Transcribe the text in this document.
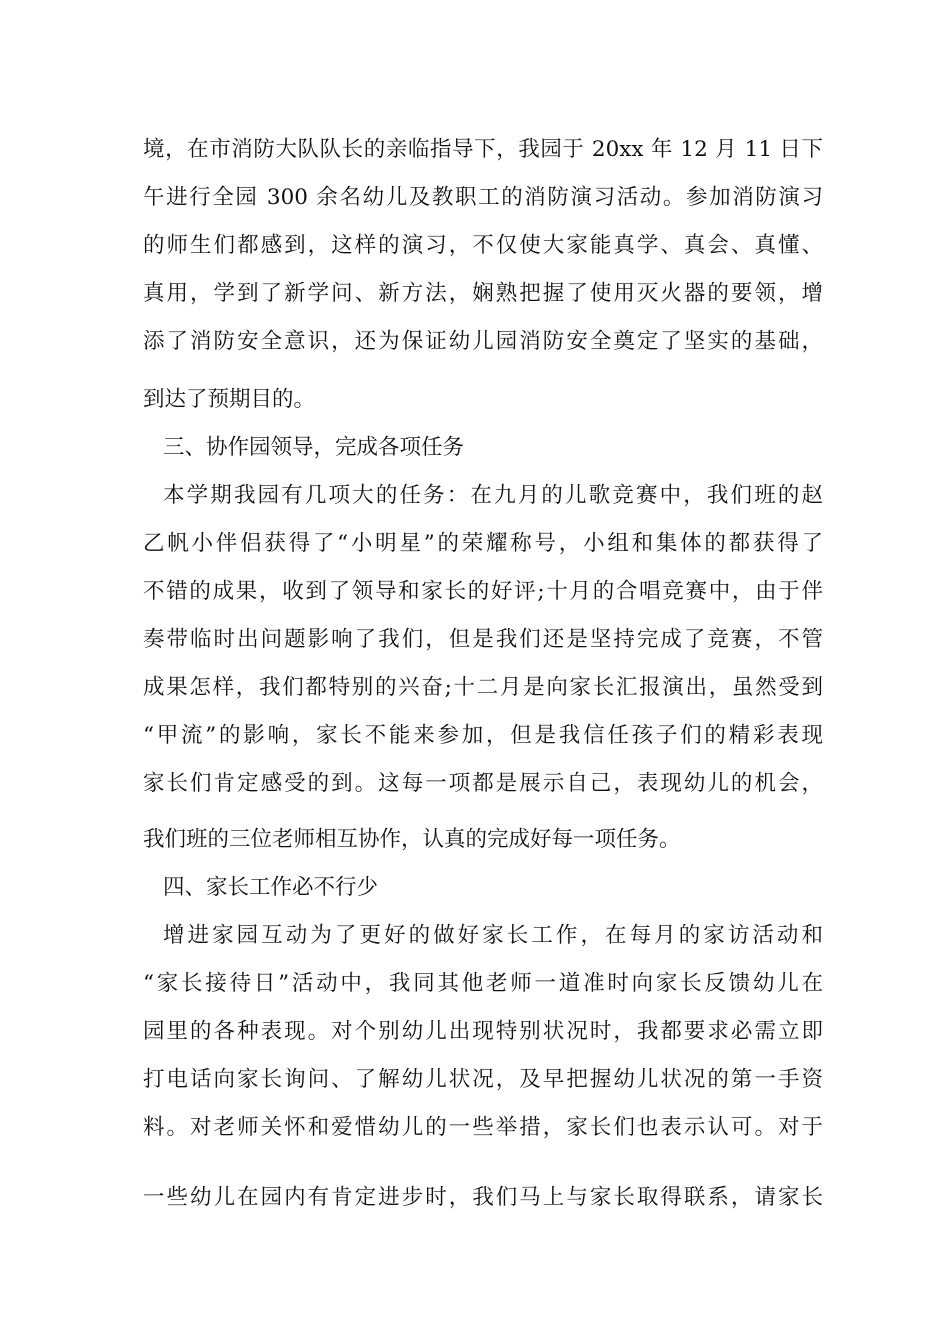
境，在市消防大队队长的亲临指导下，我园于 20xx 年 12 月 11 日下
午进行全园 300 余名幼儿及教职工的消防演习活动。参加消防演习
的师生们都感到，这样的演习，不仅使大家能真学、真会、真懂、
真用，学到了新学问、新方法，娴熟把握了使用灭火器的要领，增
添了消防安全意识，还为保证幼儿园消防安全奠定了坚实的基础，
到达了预期目的。
三、协作园领导，完成各项任务
本学期我园有几项大的任务：在九月的儿歌竞赛中，我们班的赵
乙帆小伴侣获得了“小明星”的荣耀称号，小组和集体的都获得了
不错的成果，收到了领导和家长的好评;十月的合唱竞赛中，由于伴
奏带临时出问题影响了我们，但是我们还是坚持完成了竞赛，不管
成果怎样，我们都特别的兴奋;十二月是向家长汇报演出，虽然受到
“甲流”的影响，家长不能来参加，但是我信任孩子们的精彩表现
家长们肯定感受的到。这每一项都是展示自己，表现幼儿的机会，
我们班的三位老师相互协作，认真的完成好每一项任务。
四、家长工作必不行少
增进家园互动为了更好的做好家长工作，在每月的家访活动和
“家长接待日”活动中，我同其他老师一道准时向家长反馈幼儿在
园里的各种表现。对个别幼儿出现特别状况时，我都要求必需立即
打电话向家长询问、了解幼儿状况，及早把握幼儿状况的第一手资
料。对老师关怀和爱惜幼儿的一些举措，家长们也表示认可。对于
一些幼儿在园内有肯定进步时，我们马上与家长取得联系，请家长
